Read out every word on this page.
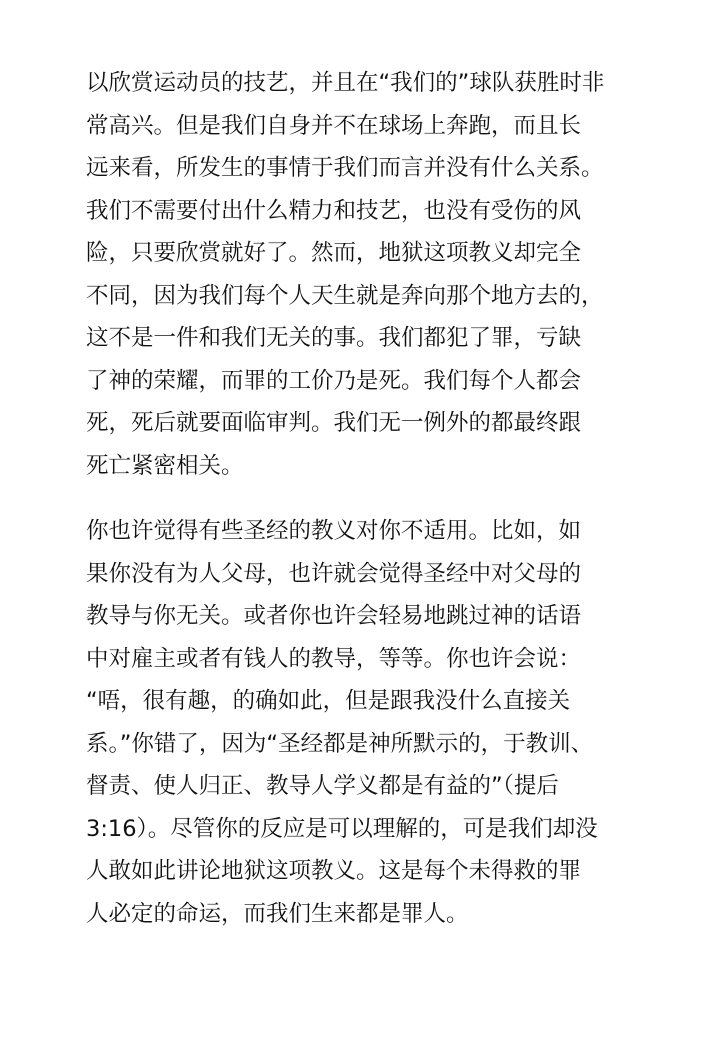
以欣赏运动员的技艺，并且在“我们的”球队获胜时非
常高兴。但是我们自身并不在球场上奔跑，而且长
远来看，所发生的事情于我们而言并没有什么关系。
我们不需要付出什么精力和技艺，也没有受伤的风
险，只要欣赏就好了。然而，地狱这项教义却完全
不同，因为我们每个人天生就是奔向那个地方去的，
这不是一件和我们无关的事。我们都犯了罪，亏缺
了神的荣耀，而罪的工价乃是死。我们每个人都会
死，死后就要面临审判。我们无一例外的都最终跟
死亡紧密相关。
你也许觉得有些圣经的教义对你不适用。比如，如
果你没有为人父母，也许就会觉得圣经中对父母的
教导与你无关。或者你也许会轻易地跳过神的话语
中对雇主或者有钱人的教导，等等。你也许会说：
“唔，很有趣，的确如此，但是跟我没什么直接关
系。”你错了，因为“圣经都是神所默示的，于教训、
督责、使人归正、教导人学义都是有益的”（提后
3:16）。尽管你的反应是可以理解的，可是我们却没
人敢如此讲论地狱这项教义。这是每个未得救的罪
人必定的命运，而我们生来都是罪人。
